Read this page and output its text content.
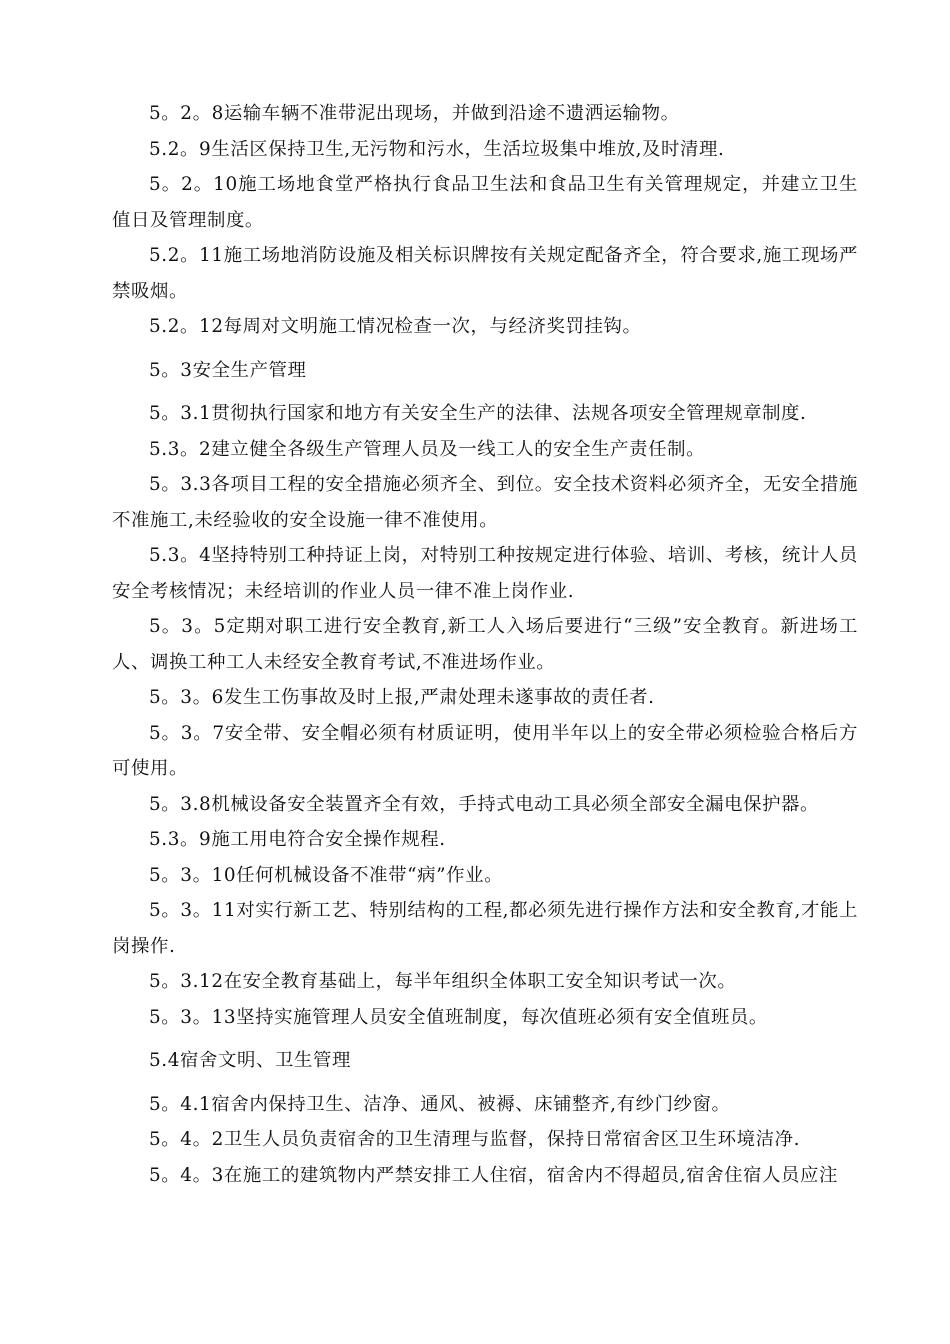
5。2。8运输车辆不准带泥出现场，并做到沿途不遗洒运输物。

5.2。9生活区保持卫生,无污物和污水，生活垃圾集中堆放,及时清理.

5。2。10施工场地食堂严格执行食品卫生法和食品卫生有关管理规定，并建立卫生值日及管理制度。

5.2。11施工场地消防设施及相关标识牌按有关规定配备齐全，符合要求,施工现场严禁吸烟。

5.2。12每周对文明施工情况检查一次，与经济奖罚挂钩。

5。3安全生产管理

5。3.1贯彻执行国家和地方有关安全生产的法律、法规各项安全管理规章制度.

5.3。2建立健全各级生产管理人员及一线工人的安全生产责任制。

5。3.3各项目工程的安全措施必须齐全、到位。安全技术资料必须齐全，无安全措施不准施工,未经验收的安全设施一律不准使用。

5.3。4坚持特别工种持证上岗，对特别工种按规定进行体验、培训、考核，统计人员安全考核情况；未经培训的作业人员一律不准上岗作业.

5。3。5定期对职工进行安全教育,新工人入场后要进行“三级”安全教育。新进场工人、调换工种工人未经安全教育考试,不准进场作业。

5。3。6发生工伤事故及时上报,严肃处理未遂事故的责任者.

5。3。7安全带、安全帽必须有材质证明，使用半年以上的安全带必须检验合格后方可使用。

5。3.8机械设备安全装置齐全有效，手持式电动工具必须全部安全漏电保护器。

5.3。9施工用电符合安全操作规程.

5。3。10任何机械设备不准带“病”作业。

5。3。11对实行新工艺、特别结构的工程,都必须先进行操作方法和安全教育,才能上岗操作.

5。3.12在安全教育基础上，每半年组织全体职工安全知识考试一次。

5。3。13坚持实施管理人员安全值班制度，每次值班必须有安全值班员。

5.4宿舍文明、卫生管理

5。4.1宿舍内保持卫生、洁净、通风、被褥、床铺整齐,有纱门纱窗。

5。4。2卫生人员负责宿舍的卫生清理与监督，保持日常宿舍区卫生环境洁净.

5。4。3在施工的建筑物内严禁安排工人住宿，宿舍内不得超员,宿舍住宿人员应注
